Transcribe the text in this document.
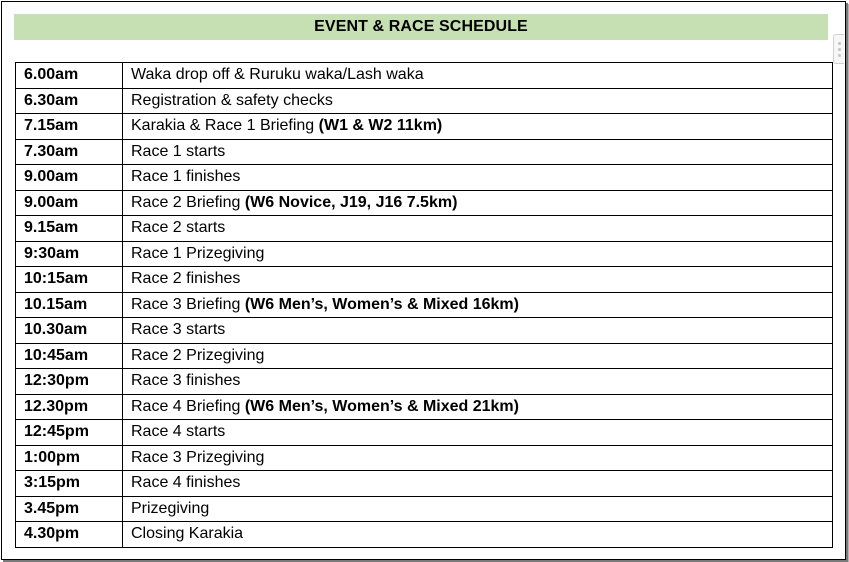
EVENT & RACE SCHEDULE
6.00am	Waka drop off & Ruruku waka/Lash waka
6.30am	Registration & safety checks
7.15am	Karakia & Race 1 Briefing (W1 & W2 11km)
7.30am	Race 1 starts
9.00am	Race 1 finishes
9.00am	Race 2 Briefing (W6 Novice, J19, J16 7.5km)
9.15am	Race 2 starts
9:30am	Race 1 Prizegiving
10:15am	Race 2 finishes
10.15am	Race 3 Briefing (W6 Men’s, Women’s & Mixed 16km)
10.30am	Race 3 starts
10:45am	Race 2 Prizegiving
12:30pm	Race 3 finishes
12.30pm	Race 4 Briefing (W6 Men’s, Women’s & Mixed 21km)
12:45pm	Race 4 starts
1:00pm	Race 3 Prizegiving
3:15pm	Race 4 finishes
3.45pm	Prizegiving
4.30pm	Closing Karakia
